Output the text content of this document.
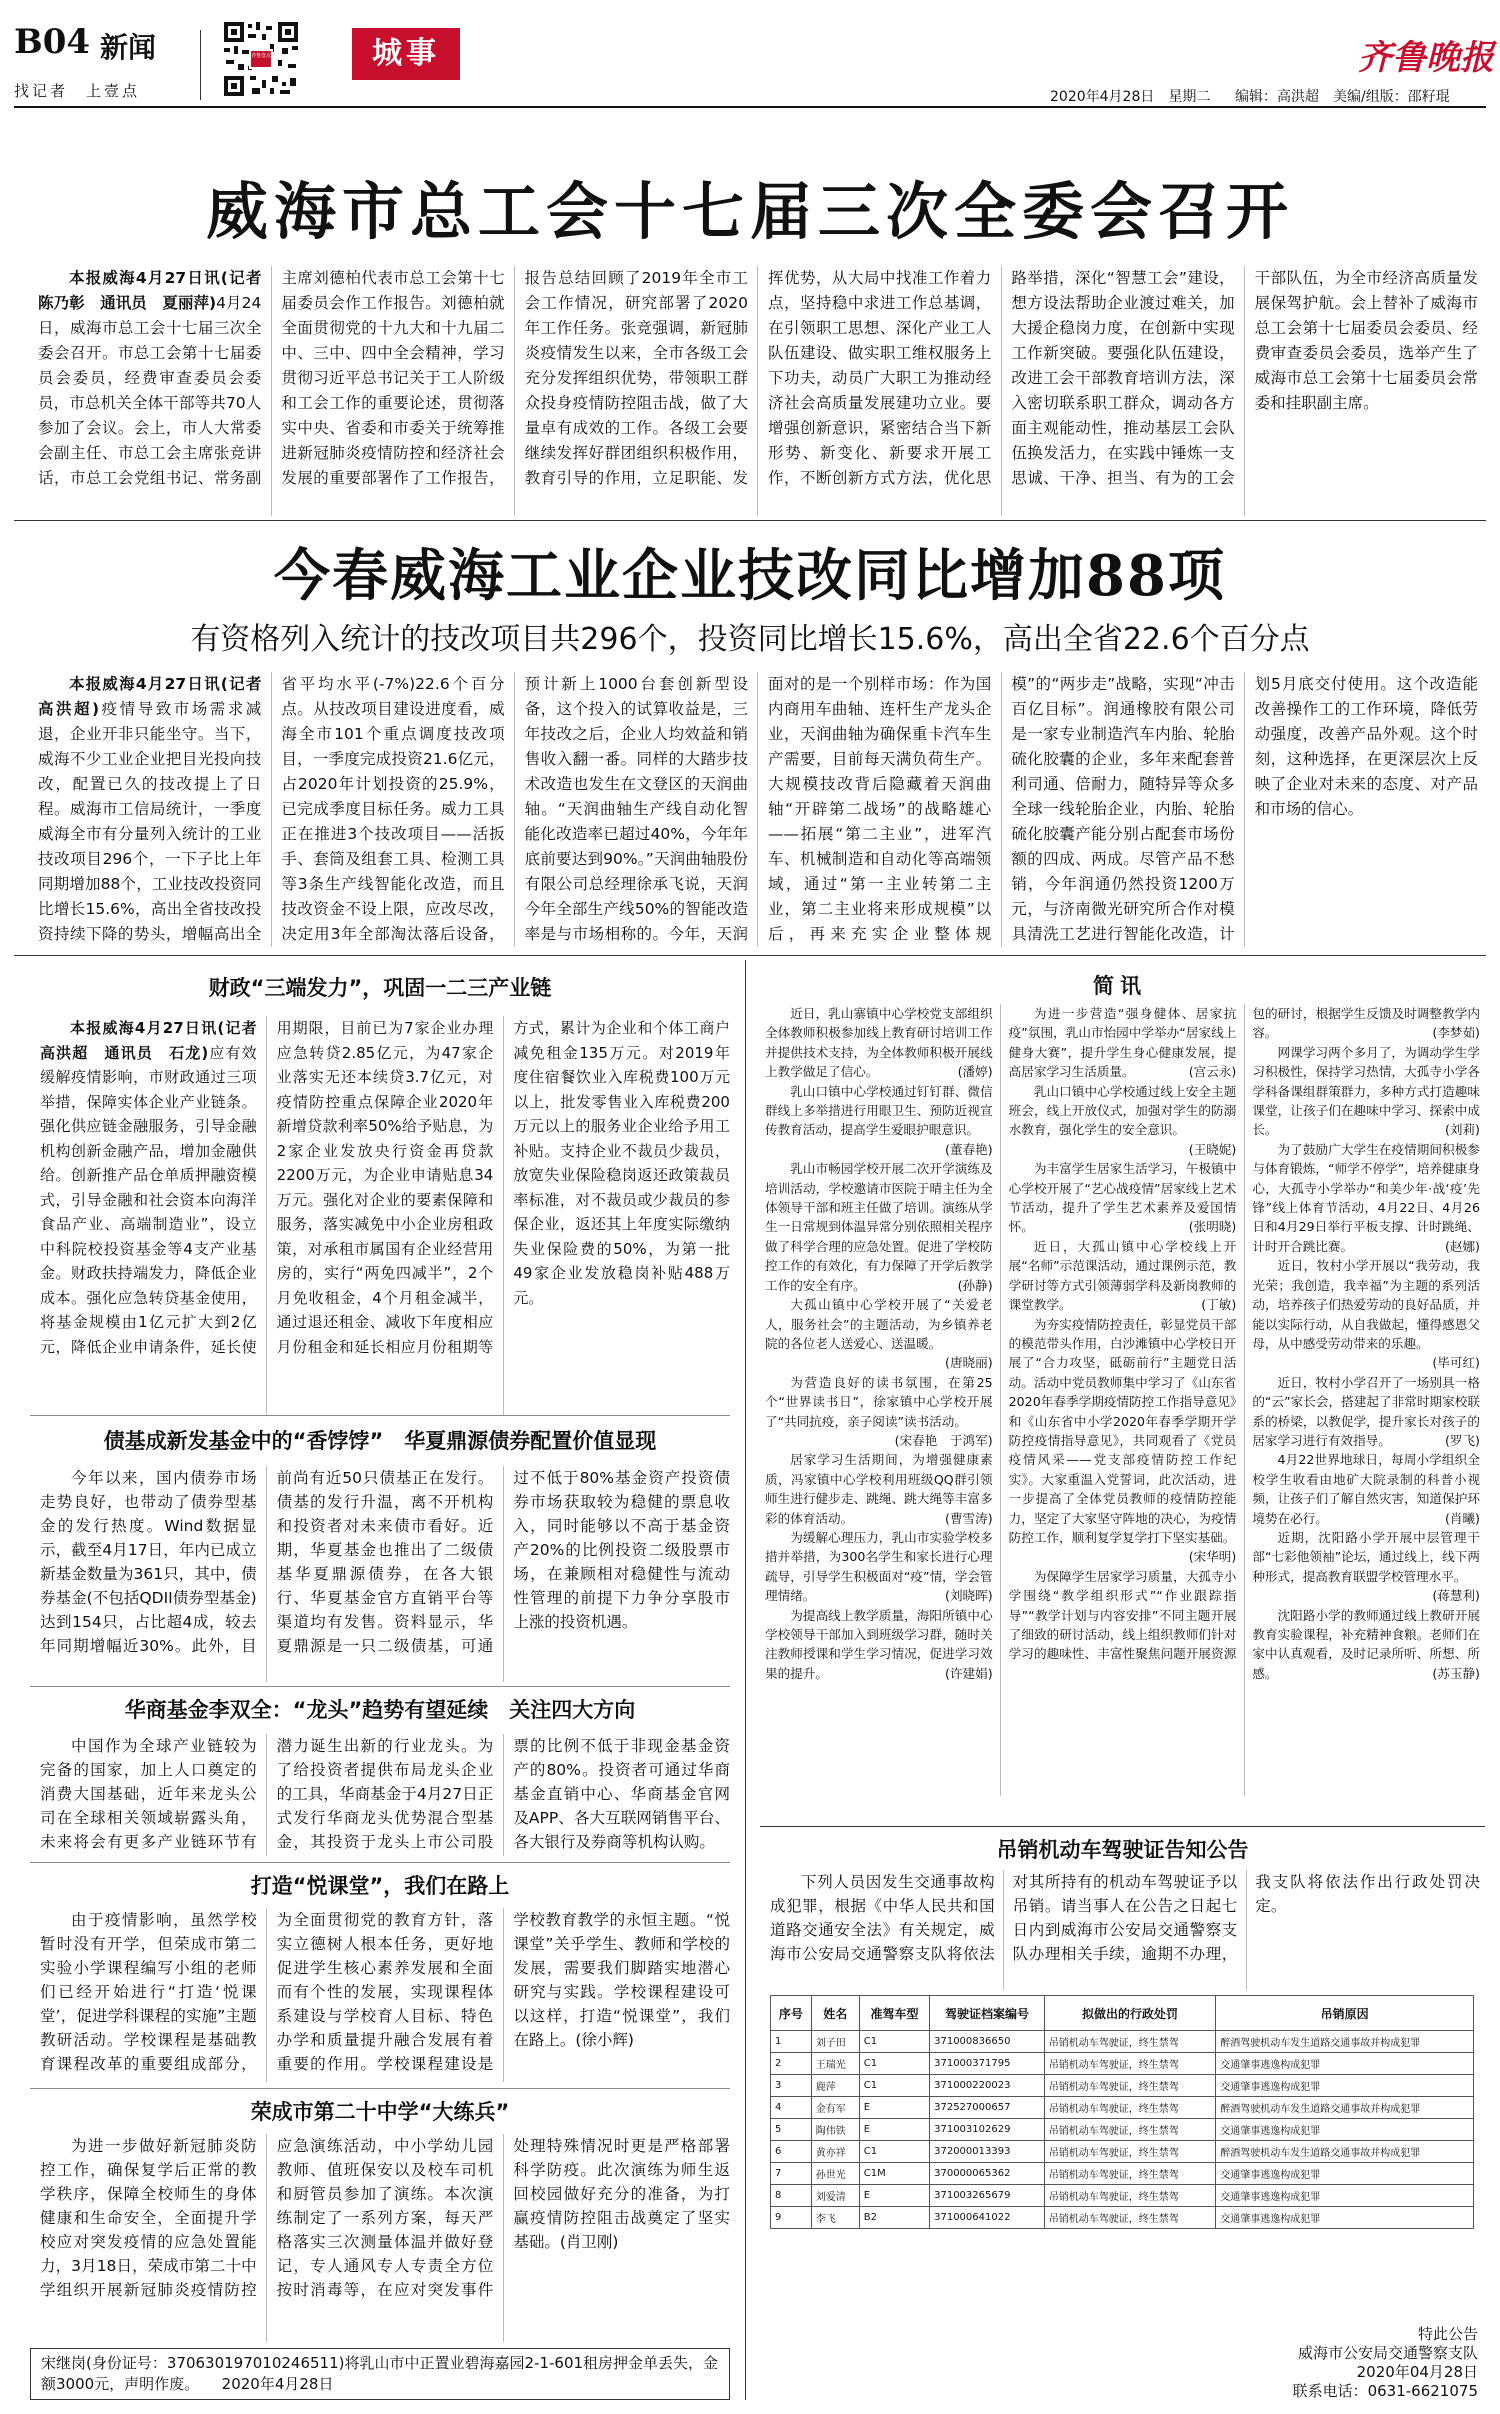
B04 新闻
找记者　上壹点
齐鲁壹点	城事
2020年4月28日　星期二 编辑：高洪超　美编/组版：邵籽琨
齐鲁晚报
威海市总工会十七届三次全委会召开

本报威海4月27日讯(记者　陈乃彰　通讯员　夏丽萍)4月24日，威海市总工会十七届三次全委会召开。市总工会第十七届委员会委员，经费审查委员会委员，市总机关全体干部等共70人参加了会议。会上，市人大常委会副主任、市总工会主席张竞讲话，市总工会党组书记、常务副主席刘德柏代表市总工会第十七届委员会作工作报告。刘德柏就全面贯彻党的十九大和十九届二中、三中、四中全会精神，学习贯彻习近平总书记关于工人阶级和工会工作的重要论述，贯彻落实中央、省委和市委关于统筹推进新冠肺炎疫情防控和经济社会发展的重要部署作了工作报告，报告总结回顾了2019年全市工会工作情况，研究部署了2020年工作任务。张竞强调，新冠肺炎疫情发生以来，全市各级工会充分发挥组织优势，带领职工群众投身疫情防控阻击战，做了大量卓有成效的工作。各级工会要继续发挥好群团组织积极作用，教育引导的作用，立足职能、发挥优势，从大局中找准工作着力点，坚持稳中求进工作总基调，在引领职工思想、深化产业工人队伍建设、做实职工维权服务上下功夫，动员广大职工为推动经济社会高质量发展建功立业。要增强创新意识，紧密结合当下新形势、新变化、新要求开展工作，不断创新方式方法，优化思路举措，深化“智慧工会”建设，想方设法帮助企业渡过难关，加大援企稳岗力度，在创新中实现工作新突破。要强化队伍建设，改进工会干部教育培训方法，深入密切联系职工群众，调动各方面主观能动性，推动基层工会队伍换发活力，在实践中锤炼一支思诚、干净、担当、有为的工会干部队伍，为全市经济高质量发展保驾护航。会上替补了威海市总工会第十七届委员会委员、经费审查委员会委员，选举产生了威海市总工会第十七届委员会常委和挂职副主席。

今春威海工业企业技改同比增加88项
有资格列入统计的技改项目共296个，投资同比增长15.6%，高出全省22.6个百分点

本报威海4月27日讯(记者　高洪超)疫情导致市场需求减退，企业开非只能坐守。当下，威海不少工业企业把目光投向技改，配置已久的技改提上了日程。威海市工信局统计，一季度威海全市有分量列入统计的工业技改项目296个，一下子比上年同期增加88个，工业技改投资同比增长15.6%，高出全省技改投资持续下降的势头，增幅高出全省平均水平(-7%)22.6个百分点。从技改项目建设进度看，威海全市101个重点调度技改项目，一季度完成投资21.6亿元，占2020年计划投资的25.9%，已完成季度目标任务。威力工具正在推进3个技改项目——活扳手、套筒及组套工具、检测工具等3条生产线智能化改造，而且技改资金不设上限，应改尽改，决定用3年全部淘汰落后设备，预计新上1000台套创新型设备，这个投入的试算收益是，三年技改之后，企业人均效益和销售收入翻一番。同样的大踏步技术改造也发生在文登区的天润曲轴。“天润曲轴生产线自动化智能化改造率已超过40%，今年年底前要达到90%。”天润曲轴股份有限公司总经理徐承飞说，天润今年全部生产线50%的智能改造率是与市场相称的。今年，天润面对的是一个别样市场：作为国内商用车曲轴、连杆生产龙头企业，天润曲轴为确保重卡汽车生产需要，目前每天满负荷生产。大规模技改背后隐藏着天润曲轴“开辟第二战场”的战略雄心——拓展“第二主业”，进军汽车、机械制造和自动化等高端领域，通过“第一主业转第二主业，第二主业将来形成规模”以后，再来充实企业整体规模”的“两步走”战略，实现“冲击百亿目标”。润通橡胶有限公司是一家专业制造汽车内胎、轮胎硫化胶囊的企业，多年来配套普利司通、倍耐力，随特异等众多全球一线轮胎企业，内胎、轮胎硫化胶囊产能分别占配套市场份额的四成、两成。尽管产品不愁销，今年润通仍然投资1200万元，与济南微光研究所合作对模具清洗工艺进行智能化改造，计划5月底交付使用。这个改造能改善操作工的工作环境，降低劳动强度，改善产品外观。这个时刻，这种选择，在更深层次上反映了企业对未来的态度、对产品和市场的信心。

财政“三端发力”，巩固一二三产业链

本报威海4月27日讯(记者　高洪超　通讯员　石龙)应有效缓解疫情影响，市财政通过三项举措，保障实体企业产业链条。强化供应链金融服务，引导金融机构创新金融产品，增加金融供给。创新推产品仓单质押融资模式，引导金融和社会资本向海洋食品产业、高端制造业”，设立中科院校投资基金等4支产业基金。财政扶持端发力，降低企业成本。强化应急转贷基金使用，将基金规模由1亿元扩大到2亿元，降低企业申请条件，延长使用期限，目前已为7家企业办理应急转贷2.85亿元，为47家企业落实无还本续贷3.7亿元，对疫情防控重点保障企业2020年新增贷款利率50%给予贴息，为2家企业发放央行资金再贷款2200万元，为企业申请贴息34万元。强化对企业的要素保障和服务，落实减免中小企业房租政策，对承租市属国有企业经营用房的，实行“两免四减半”，2个月免收租金，4个月租金减半，通过退还租金、减收下年度相应月份租金和延长相应月份租期等方式，累计为企业和个体工商户减免租金135万元。对2019年度住宿餐饮业入库税费100万元以上，批发零售业入库税费200万元以上的服务业企业给予用工补贴。支持企业不裁员少裁员，放宽失业保险稳岗返还政策裁员率标准，对不裁员或少裁员的参保企业，返还其上年度实际缴纳失业保险费的50%，为第一批49家企业发放稳岗补贴488万元。

债基成新发基金中的“香饽饽”　华夏鼎源债券配置价值显现

今年以来，国内债券市场走势良好，也带动了债券型基金的发行热度。Wind数据显示，截至4月17日，年内已成立新基金数量为361只，其中，债券基金(不包括QDII债券型基金)达到154只，占比超4成，较去年同期增幅近30%。此外，目前尚有近50只债基正在发行。债基的发行升温，离不开机构和投资者对未来债市看好。近期，华夏基金也推出了二级债基华夏鼎源债券，在各大银行、华夏基金官方直销平台等渠道均有发售。资料显示，华夏鼎源是一只二级债基，可通过不低于80%基金资产投资债券市场获取较为稳健的票息收入，同时能够以不高于基金资产20%的比例投资二级股票市场，在兼顾相对稳健性与流动性管理的前提下力争分享股市上涨的投资机遇。

华商基金李双全：“龙头”趋势有望延续　关注四大方向

中国作为全球产业链较为完备的国家，加上人口奠定的消费大国基础，近年来龙头公司在全球相关领域崭露头角，未来将会有更多产业链环节有潜力诞生出新的行业龙头。为了给投资者提供布局龙头企业的工具，华商基金于4月27日正式发行华商龙头优势混合型基金，其投资于龙头上市公司股票的比例不低于非现金基金资产的80%。投资者可通过华商基金直销中心、华商基金官网及APP、各大互联网销售平台、各大银行及券商等机构认购。

打造“悦课堂”，我们在路上

由于疫情影响，虽然学校暂时没有开学，但荣成市第二实验小学课程编写小组的老师们已经开始进行“打造‘悦课堂’，促进学科课程的实施”主题教研活动。学校课程是基础教育课程改革的重要组成部分，为全面贯彻党的教育方针，落实立德树人根本任务，更好地促进学生核心素养发展和全面而有个性的发展，实现课程体系建设与学校育人目标、特色办学和质量提升融合发展有着重要的作用。学校课程建设是学校教育教学的永恒主题。“悦课堂”关乎学生、教师和学校的发展，需要我们脚踏实地潜心研究与实践。学校课程建设可以这样，打造“悦课堂”，我们在路上。(徐小辉)

荣成市第二十中学“大练兵”

为进一步做好新冠肺炎防控工作，确保复学后正常的教学秩序，保障全校师生的身体健康和生命安全，全面提升学校应对突发疫情的应急处置能力，3月18日，荣成市第二十中学组织开展新冠肺炎疫情防控应急演练活动，中小学幼儿园教师、值班保安以及校车司机和厨管员参加了演练。本次演练制定了一系列方案，每天严格落实三次测量体温并做好登记，专人通风专人专责全方位按时消毒等，在应对突发事件处理特殊情况时更是严格部署科学防疫。此次演练为师生返回校园做好充分的准备，为打赢疫情防控阻击战奠定了坚实基础。(肖卫刚)

宋继岗(身份证号：370630197010246511)将乳山市中正置业碧海嘉园2-1-601租房押金单丢失，金额3000元，声明作废。　　2020年4月28日
简讯

近日，乳山寨镇中心学校党支部组织全体教师积极参加线上教育研讨培训工作并提供技术支持，为全体教师积极开展线上教学做足了信心。	(潘婷)

乳山口镇中心学校通过钉钉群、微信群线上多举措进行用眼卫生、预防近视宣传教育活动，提高学生爱眼护眼意识。
(董春艳)

乳山市畅园学校开展二次开学演练及培训活动，学校邀请市医院于晴主任为全体领导干部和班主任做了培训。演练从学生一日常规到体温异常分别依照相关程序做了科学合理的应急处置。促进了学校防控工作的有效化，有力保障了开学后教学工作的安全有序。	(孙静)

大孤山镇中心学校开展了“关爱老人，服务社会”的主题活动，为乡镇养老院的各位老人送爱心、送温暖。
(唐晓丽)

为营造良好的读书氛围，在第25个“世界读书日”，徐家镇中心学校开展了“共同抗疫，亲子阅读”读书活动。
(宋春艳　于鸿军)

居家学习生活期间，为增强健康素质，冯家镇中心学校利用班级QQ群引领师生进行健步走、跳绳、跳大绳等丰富多彩的体育活动。	(曹雪涛)

为缓解心理压力，乳山市实验学校多措并举措，为300名学生和家长进行心理疏导，引导学生积极面对“疫”情，学会管理情绪。	(刘晓晖)

为提高线上教学质量，海阳所镇中心学校领导干部加入到班级学习群，随时关注教师授课和学生学习情况，促进学习效果的提升。	(许建娟)

为进一步营造“强身健体、居家抗疫”氛围，乳山市怡园中学举办“居家线上健身大赛”，提升学生身心健康发展，提高居家学习生活质量。	(宫云永)

乳山口镇中心学校通过线上安全主题班会，线上开放仪式，加强对学生的防溺水教育，强化学生的安全意识。
(王晓妮)

为丰富学生居家生活学习，午极镇中心学校开展了“艺心战疫情”居家线上艺术节活动，提升了学生艺术素养及爱国情怀。	(张明晓)

近日，大孤山镇中心学校线上开展“名师”示范课活动，通过课例示范，教学研讨等方式引领薄弱学科及新岗教师的课堂教学。	(丁敏)

为夯实疫情防控责任，彰显党员干部的模范带头作用，白沙滩镇中心学校日开展了“合力攻坚，砥砺前行”主题党日活动。活动中党员教师集中学习了《山东省2020年春季学期疫情防控工作指导意见》和《山东省中小学2020年春季学期开学防控疫情指导意见》，共同观看了《党员疫情风采——党支部疫情防控工作纪实》。大家重温入党誓词，此次活动，进一步提高了全体党员教师的疫情防控能力，坚定了大家坚守阵地的决心，为疫情防控工作，顺利复学复学打下坚实基础。
(宋华明)

为保障学生居家学习质量，大孤寺小学围绕“教学组织形式”“作业跟踪指导”“教学计划与内容安排”不同主题开展了细致的研讨活动，线上组织教师们针对学习的趣味性、丰富性聚焦问题开展资源包的研讨，根据学生反馈及时调整教学内容。	(李梦茹)

网课学习两个多月了，为调动学生学习积极性，保持学习热情，大孤寺小学各学科备课组群策群力，多种方式打造趣味课堂，让孩子们在趣味中学习、探索中成长。	(刘莉)

为了鼓励广大学生在疫情期间积极参与体育锻炼，“师学不停学”，培养健康身心，大孤寺小学举办“和美少年·战‘疫’先锋”线上体育节活动，4月22日、4月26日和4月29日举行平板支撑、计时跳绳、计时开合跳比赛。	(赵娜)

近日，牧村小学开展以“我劳动，我光荣；我创造，我幸福”为主题的系列活动，培养孩子们热爱劳动的良好品质，并能以实际行动，从自我做起，懂得感恩父母，从中感受劳动带来的乐趣。
(毕可红)

近日，牧村小学召开了一场别具一格的“云”家长会，搭建起了非常时期家校联系的桥梁，以教促学，提升家长对孩子的居家学习进行有效指导。	(罗飞)

4月22世界地球日，每周小学组织全校学生收看由地矿大院录制的科普小视频，让孩子们了解自然灾害，知道保护环境势在必行。	(肖曦)

近期，沈阳路小学开展中层管理干部“七彩他领袖”论坛，通过线上，线下两种形式，提高教育联盟学校管理水平。
(蒋慧利)

沈阳路小学的教师通过线上教研开展教育实验课程，补充精神食粮。老师们在家中认真观看，及时记录所听、所想、所感。	(苏玉静)

吊销机动车驾驶证告知公告

下列人员因发生交通事故构成犯罪，根据《中华人民共和国道路交通安全法》有关规定，威海市公安局交通警察支队将依法对其所持有的机动车驾驶证予以吊销。请当事人在公告之日起七日内到威海市公安局交通警察支队办理相关手续，逾期不办理，我支队将依法作出行政处罚决定。

序号	姓名	准驾车型	驾驶证档案编号	拟做出的行政处罚	吊销原因
1	刘子田	C1	371000836650	吊销机动车驾驶证，终生禁驾	醉酒驾驶机动车发生道路交通事故并构成犯罪
2	王瑞光	C1	371000371795	吊销机动车驾驶证，终生禁驾	交通肇事逃逸构成犯罪
3	鹿萍	C1	371000220023	吊销机动车驾驶证，终生禁驾	交通肇事逃逸构成犯罪
4	金有军	E	372527000657	吊销机动车驾驶证，终生禁驾	醉酒驾驶机动车发生道路交通事故并构成犯罪
5	陶伟铁	E	371003102629	吊销机动车驾驶证，终生禁驾	交通肇事逃逸构成犯罪
6	黄亦祥	C1	372000013393	吊销机动车驾驶证，终生禁驾	醉酒驾驶机动车发生道路交通事故并构成犯罪
7	孙世光	C1M	370000065362	吊销机动车驾驶证，终生禁驾	交通肇事逃逸构成犯罪
8	刘爱清	E	371003265679	吊销机动车驾驶证，终生禁驾	交通肇事逃逸构成犯罪
9	李飞	B2	371000641022	吊销机动车驾驶证，终生禁驾	交通肇事逃逸构成犯罪
特此公告
威海市公安局交通警察支队
2020年04月28日
联系电话：0631-6621075
